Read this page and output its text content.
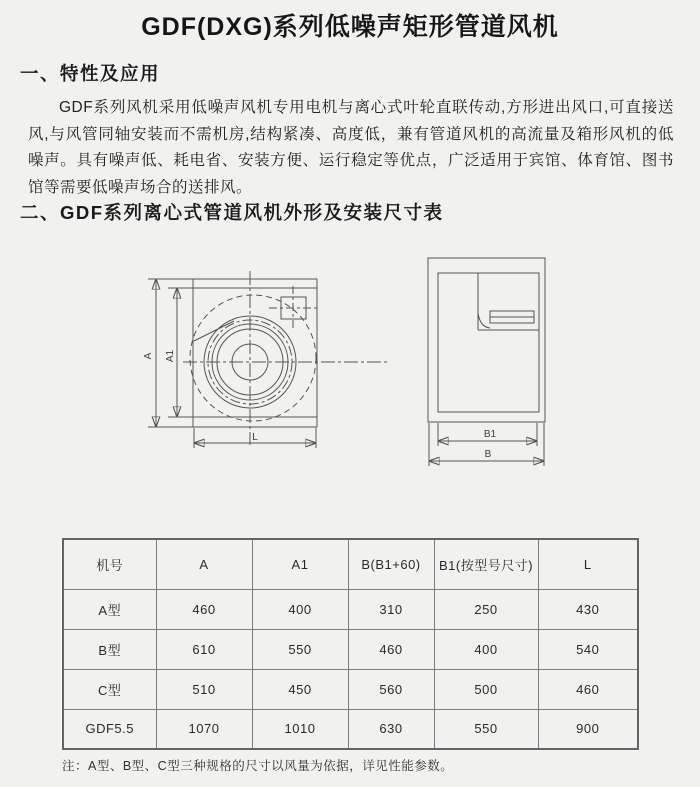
GDF(DXG)系列低噪声矩形管道风机
一、特性及应用

GDF系列风机采用低噪声风机专用电机与离心式叶轮直联传动,方形进出风口,可直接送风,与风管同轴安装而不需机房,结构紧凑、高度低，兼有管道风机的高流量及箱形风机的低噪声。具有噪声低、耗电省、安装方便、运行稳定等优点，广泛适用于宾馆、体育馆、图书馆等需要低噪声场合的送排风。

二、GDF系列离心式管道风机外形及安装尺寸表
A A1
L	B1
B
机号	A	A1	B(B1+60)	B1(按型号尺寸)	L
A型	460	400	310	250	430
B型	610	550	460	400	540
C型	510	450	560	500	460
GDF5.5	1070	1010	630	550	900

注：A型、B型、C型三种规格的尺寸以风量为依据，详见性能参数。
